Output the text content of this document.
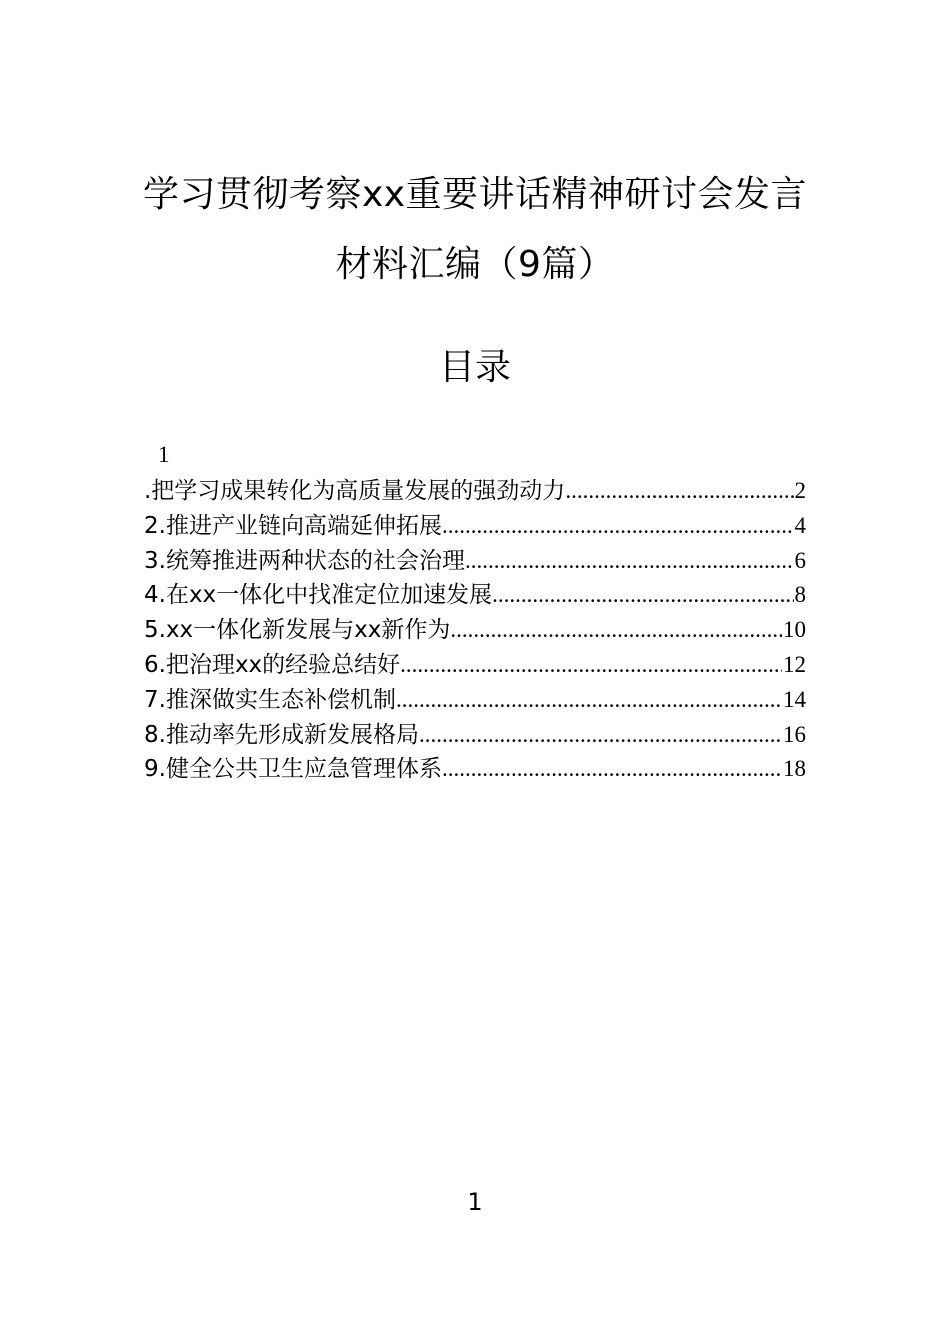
学习贯彻考察xx重要讲话精神研讨会发言
材料汇编（9篇）
目录
1
.把学习成果转化为高质量发展的强劲动力 .....	2
2.推进产业链向高端延伸拓展 .....	4
3.统筹推进两种状态的社会治理 .....	6
4.在xx一体化中找准定位加速发展 .....	8
5.xx一体化新发展与xx新作为 .....	10
6.把治理xx的经验总结好 .....	12
7.推深做实生态补偿机制 .....	14
8.推动率先形成新发展格局 .....	16
9.健全公共卫生应急管理体系 .....	18
1
